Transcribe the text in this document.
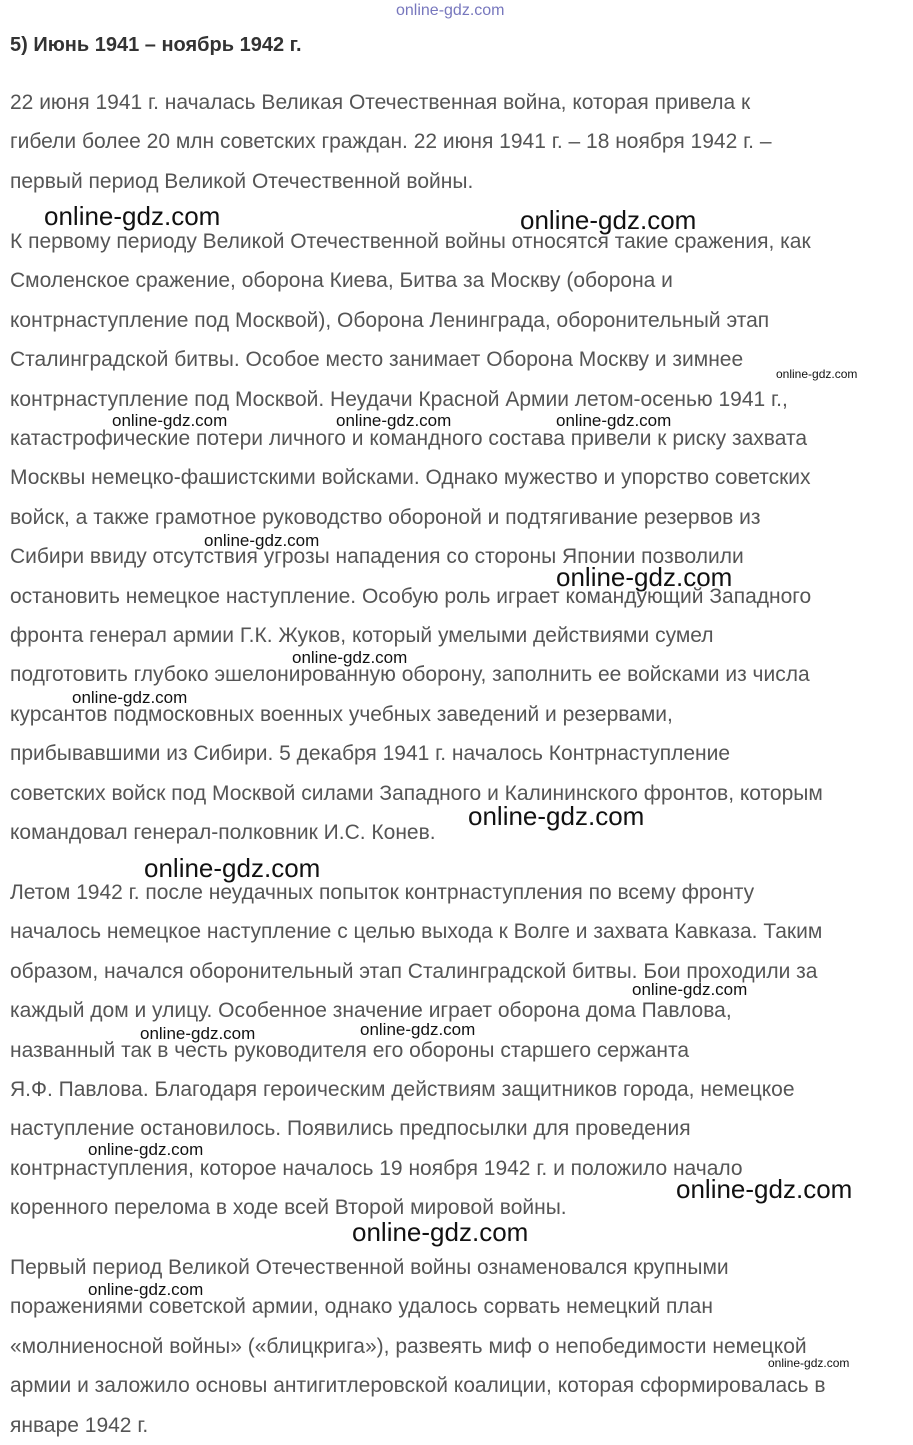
5) Июнь 1941 – ноябрь 1942 г.
22 июня 1941 г. началась Великая Отечественная война, которая привела к
гибели более 20 млн советских граждан. 22 июня 1941 г. – 18 ноября 1942 г. –
первый период Великой Отечественной войны.
К первому периоду Великой Отечественной войны относятся такие сражения, как
Смоленское сражение, оборона Киева, Битва за Москву (оборона и
контрнаступление под Москвой), Оборона Ленинграда, оборонительный этап
Сталинградской битвы. Особое место занимает Оборона Москву и зимнее
контрнаступление под Москвой. Неудачи Красной Армии летом-осенью 1941 г.,
катастрофические потери личного и командного состава привели к риску захвата
Москвы немецко-фашистскими войсками. Однако мужество и упорство советских
войск, а также грамотное руководство обороной и подтягивание резервов из
Сибири ввиду отсутствия угрозы нападения со стороны Японии позволили
остановить немецкое наступление. Особую роль играет командующий Западного
фронта генерал армии Г.К. Жуков, который умелыми действиями сумел
подготовить глубоко эшелонированную оборону, заполнить ее войсками из числа
курсантов подмосковных военных учебных заведений и резервами,
прибывавшими из Сибири. 5 декабря 1941 г. началось Контрнаступление
советских войск под Москвой силами Западного и Калининского фронтов, которым
командовал генерал-полковник И.С. Конев.
Летом 1942 г. после неудачных попыток контрнаступления по всему фронту
началось немецкое наступление с целью выхода к Волге и захвата Кавказа. Таким
образом, начался оборонительный этап Сталинградской битвы. Бои проходили за
каждый дом и улицу. Особенное значение играет оборона дома Павлова,
названный так в честь руководителя его обороны старшего сержанта
Я.Ф. Павлова. Благодаря героическим действиям защитников города, немецкое
наступление остановилось. Появились предпосылки для проведения
контрнаступления, которое началось 19 ноября 1942 г. и положило начало
коренного перелома в ходе всей Второй мировой войны.
Первый период Великой Отечественной войны ознаменовался крупными
поражениями советской армии, однако удалось сорвать немецкий план
«молниеносной войны» («блицкрига»), развеять миф о непобедимости немецкой
армии и заложило основы антигитлеровской коалиции, которая сформировалась в
январе 1942 г.
online-gdz.com
online-gdz.com	online-gdz.com
online-gdz.com
online-gdz.com	online-gdz.com	online-gdz.com
online-gdz.com
online-gdz.com
online-gdz.com
online-gdz.com
online-gdz.com
online-gdz.com
online-gdz.com
online-gdz.com	online-gdz.com
online-gdz.com
online-gdz.com
online-gdz.com
online-gdz.com
online-gdz.com
